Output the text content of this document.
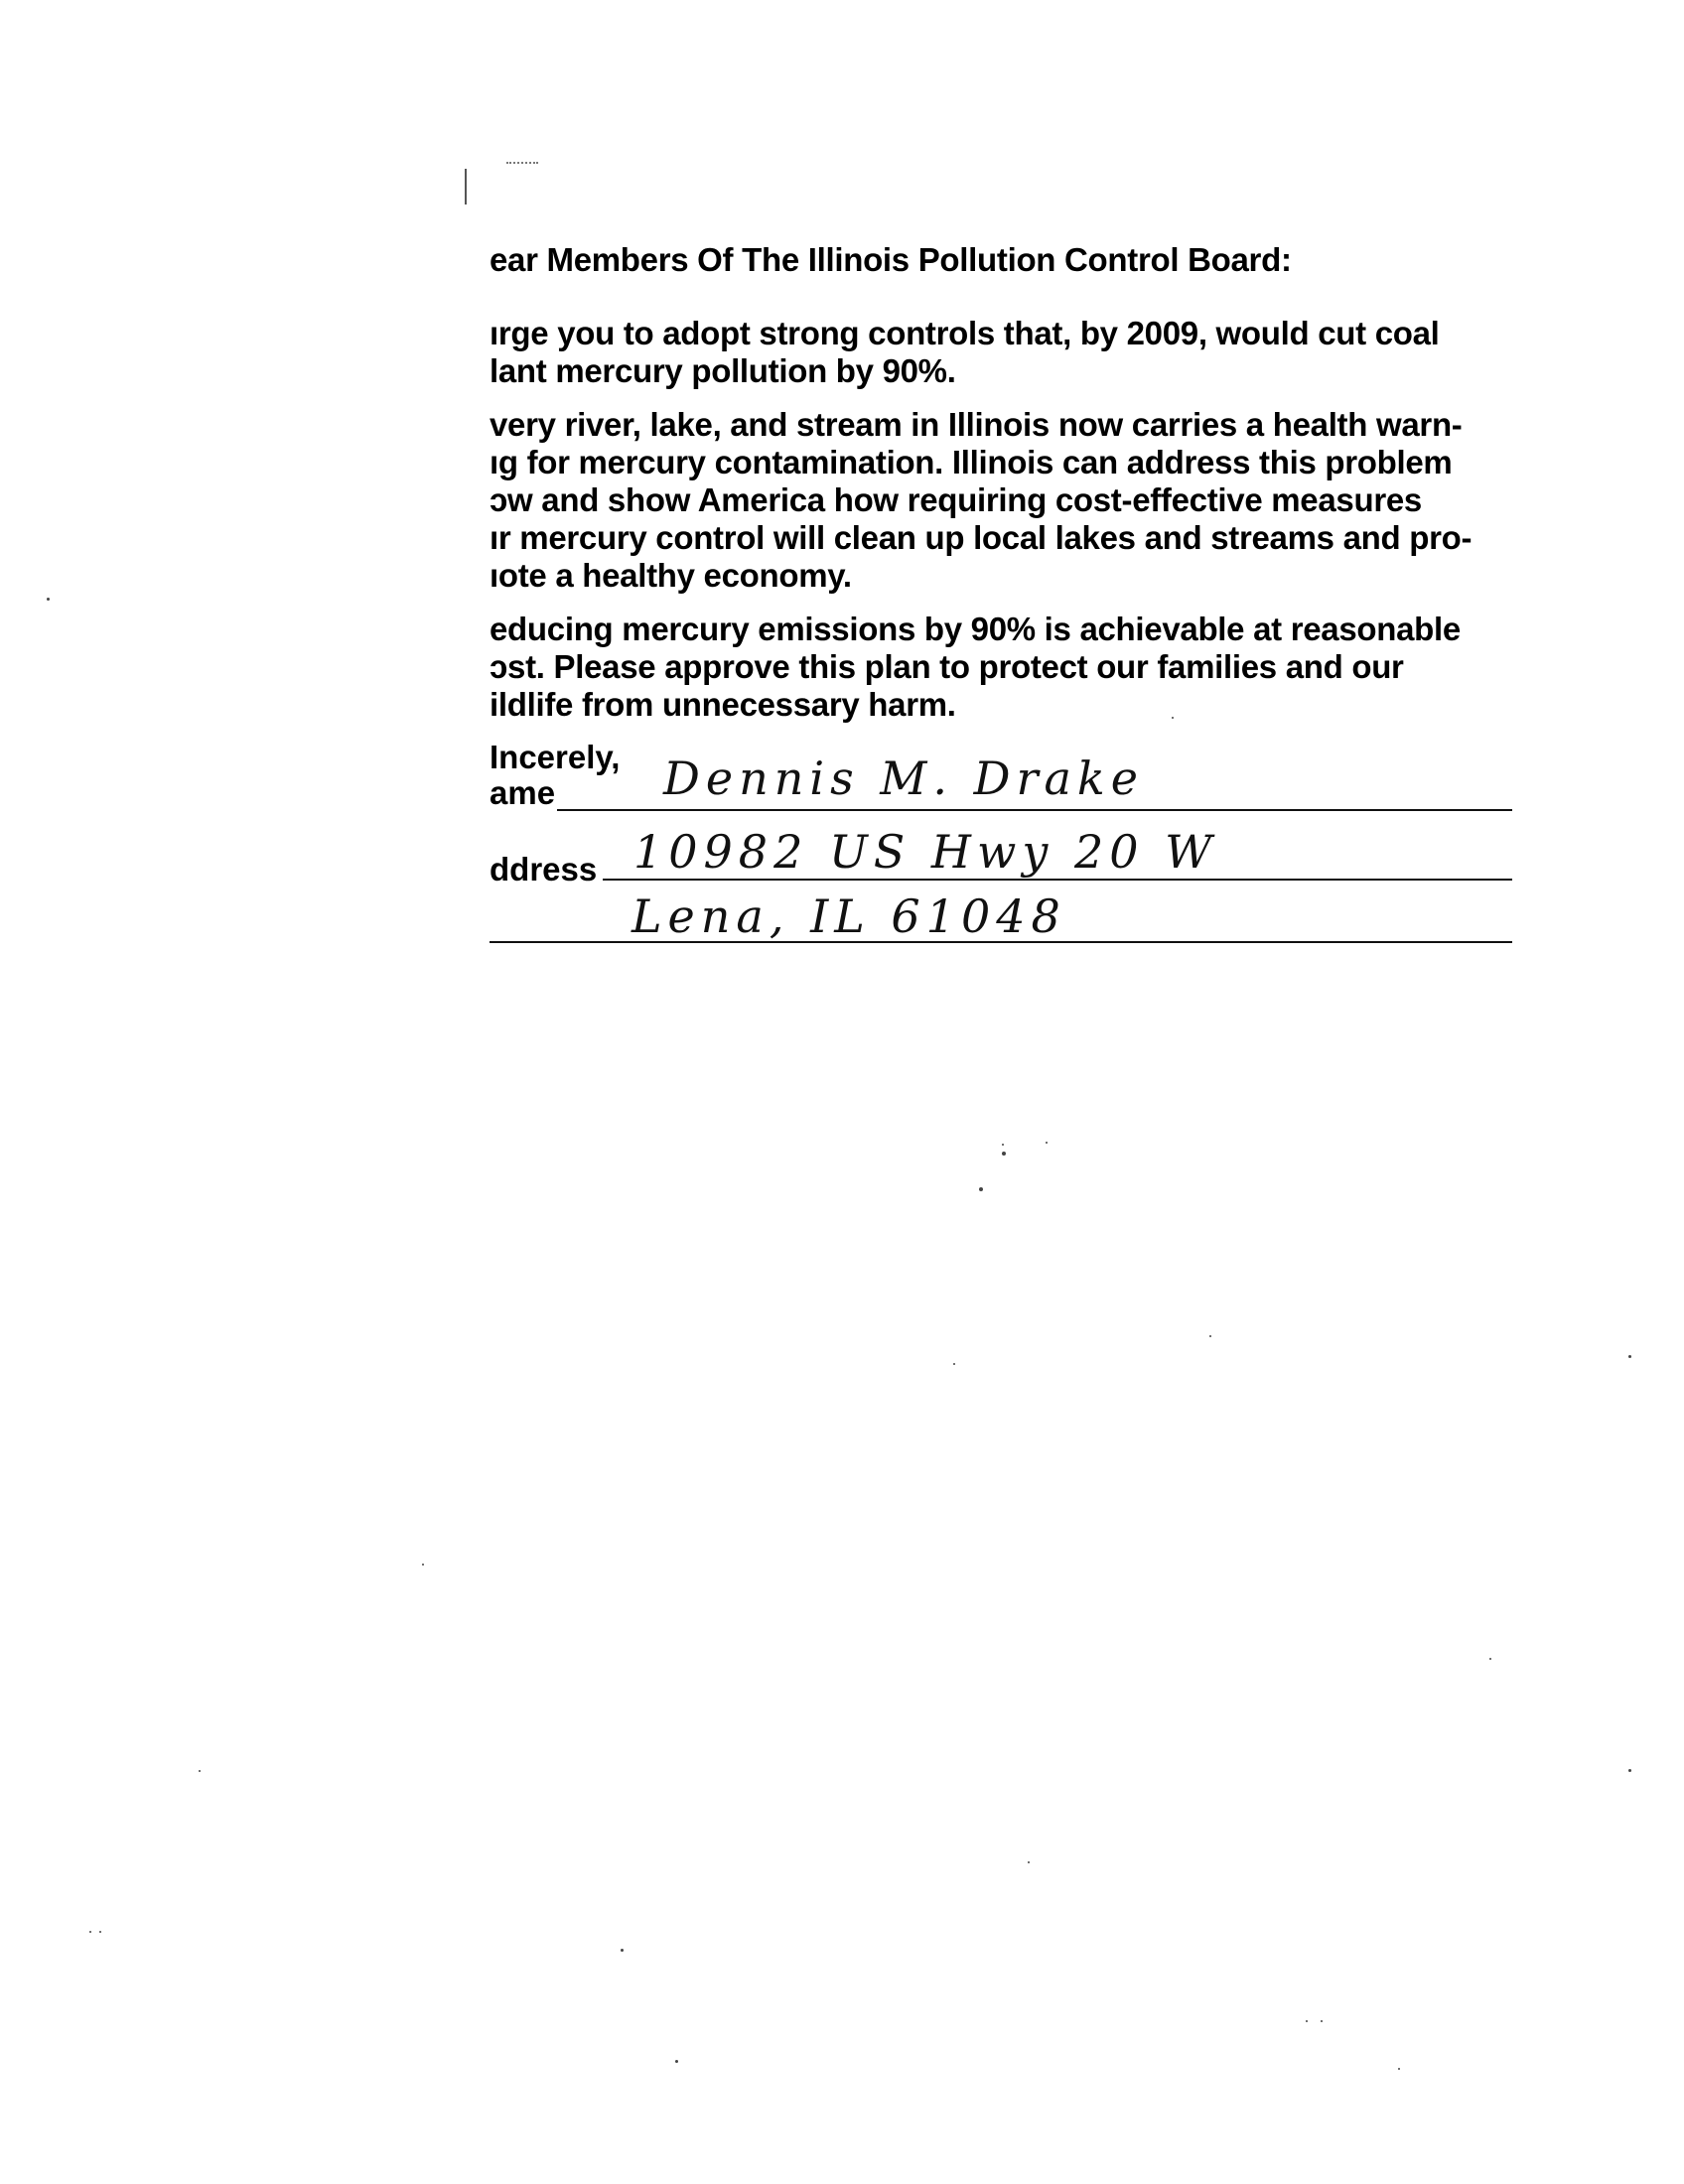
ear Members Of The Illinois Pollution Control Board:
ırge you to adopt strong controls that, by 2009, would cut coal
lant mercury pollution by 90%.
very river, lake, and stream in Illinois now carries a health warn-
ıg for mercury contamination. Illinois can address this problem
ɔw and show America how requiring cost-effective measures
ır mercury control will clean up local lakes and streams and pro-
ıote a healthy economy.
educing mercury emissions by 90% is achievable at reasonable
ɔst. Please approve this plan to protect our families and our
ildlife from unnecessary harm.
Incerely,
ame Dennis M. Drake
ddress 10982 US Hwy 20 W
Lena, IL 61048
